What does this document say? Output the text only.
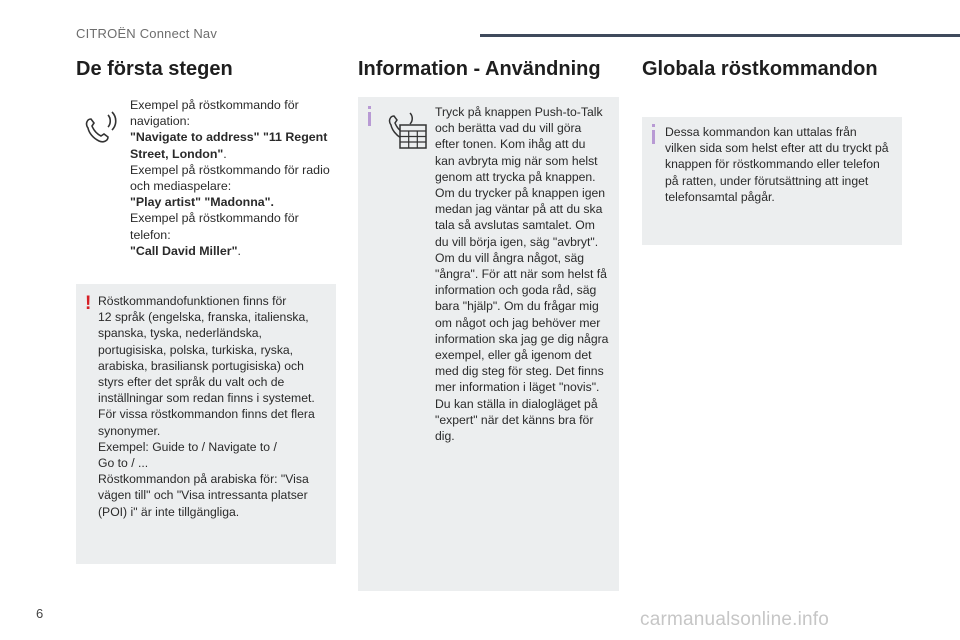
CITROËN Connect Nav
De första stegen
Exempel på röstkommando för
navigation:
"Navigate to address" "11 Regent
Street, London".
Exempel på röstkommando för radio
och mediaspelare:
"Play artist" "Madonna".
Exempel på röstkommando för
telefon:
"Call David Miller".
! Röstkommandofunktionen finns för
12 språk (engelska, franska, italienska,
spanska, tyska, nederländska,
portugisiska, polska, turkiska, ryska,
arabiska, brasiliansk portugisiska) och
styrs efter det språk du valt och de
inställningar som redan finns i systemet.
För vissa röstkommandon finns det flera
synonymer.
Exempel: Guide to / Navigate to /
Go to / ...
Röstkommandon på arabiska för: "Visa
vägen till" och "Visa intressanta platser
(POI) i" är inte tillgängliga.
Information - Användning
Tryck på knappen Push-to-Talk
och berätta vad du vill göra
efter tonen. Kom ihåg att du
kan avbryta mig när som helst
genom att trycka på knappen.
Om du trycker på knappen igen
medan jag väntar på att du ska
tala så avslutas samtalet. Om
du vill börja igen, säg "avbryt".
Om du vill ångra något, säg
"ångra". För att när som helst få
information och goda råd, säg
bara "hjälp". Om du frågar mig
om något och jag behöver mer
information ska jag ge dig några
exempel, eller gå igenom det
med dig steg för steg. Det finns
mer information i läget "novis".
Du kan ställa in dialogläget på
"expert" när det känns bra för
dig.
Globala röstkommandon
Dessa kommandon kan uttalas från
vilken sida som helst efter att du tryckt på
knappen för röstkommando eller telefon
på ratten, under förutsättning att inget
telefonsamtal pågår.
6	carmanualsonline.info
